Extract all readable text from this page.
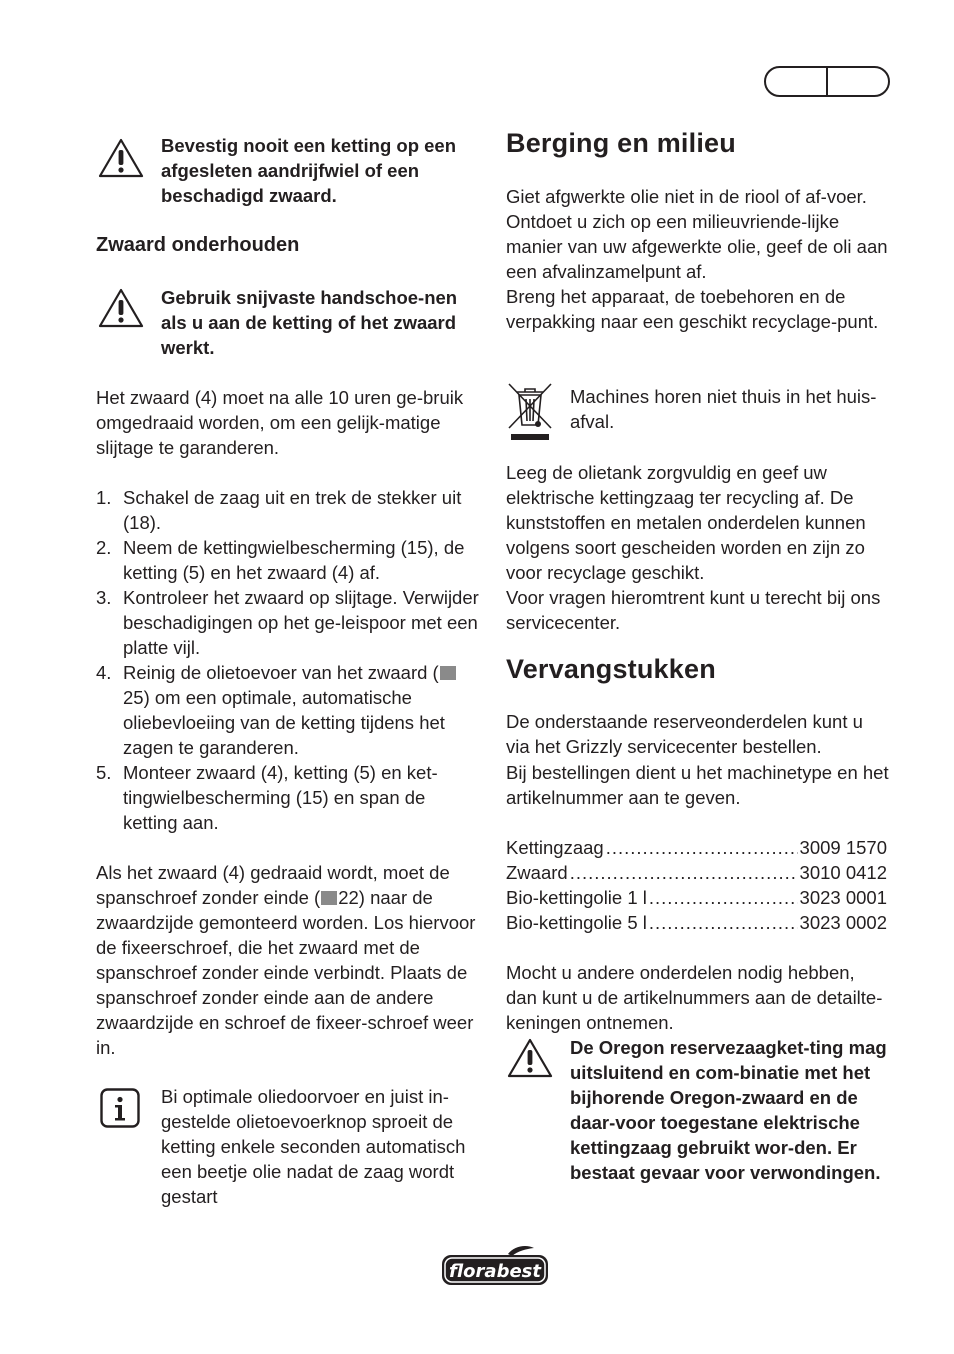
Bevestig nooit een ketting op een afgesleten aandrijfwiel of een beschadigd zwaard.

Zwaard onderhouden

Gebruik snijvaste handschoe-nen als u aan de ketting of het zwaard werkt.

Het zwaard (4) moet na alle 10 uren ge-bruik omgedraaid worden, om een gelijk-matige slijtage te garanderen.

1. Schakel de zaag uit en trek de stekker uit (18).
2. Neem de kettingwielbescherming (15), de ketting (5) en het zwaard (4) af.
3. Kontroleer het zwaard op slijtage. Verwijder beschadigingen op het ge-leispoor met een platte vijl.
4. Reinig de olietoevoer van het zwaard (25) om een optimale, automatische oliebevloeiing van de ketting tijdens het zagen te garanderen.
5. Monteer zwaard (4), ketting (5) en ket-tingwielbescherming (15) en span de ketting aan.

Als het zwaard (4) gedraaid wordt, moet de spanschroef zonder einde ( 22) naar de zwaardzijde gemonteerd worden. Los hiervoor de fixeerschroef, die het zwaard met de spanschroef zonder einde verbindt. Plaats de spanschroef zonder einde aan de andere zwaardzijde en schroef de fixeer-schroef weer in.

Bi optimale oliedoorvoer en juist in-gestelde olietoevoerknop sproeit de ketting enkele seconden automatisch een beetje olie nadat de zaag wordt gestart

Berging en milieu

Giet afgwerkte olie niet in de riool of af-voer. Ontdoet u zich op een milieuvriende-lijke manier van uw afgewerkte olie, geef de oli aan een afvalinzamelpunt af.

Breng het apparaat, de toebehoren en de verpakking naar een geschikt recyclage-punt.

Machines horen niet thuis in het huis-afval.

Leeg de olietank zorgvuldig en geef uw elektrische kettingzaag ter recycling af. De kunststoffen en metalen onderdelen kunnen volgens soort gescheiden worden en zijn zo voor recyclage geschikt.

Voor vragen hieromtrent kunt u terecht bij ons servicecenter.

Vervangstukken

De onderstaande reserveonderdelen kunt u via het Grizzly servicecenter bestellen.

Bij bestellingen dient u het machinetype en het artikelnummer aan te geven.

Kettingzaag .....	3009 1570
Zwaard .....	3010 0412
Bio-kettingolie 1 l .....	3023 0001
Bio-kettingolie 5 l .....	3023 0002

Mocht u andere onderdelen nodig hebben, dan kunt u de artikelnummers aan de detailte-keningen ontnemen.

De Oregon reservezaagket-ting mag uitsluitend en com-binatie met het bijhorende Oregon-zwaard en de daar-voor toegestane elektrische kettingzaag gebruikt wor-den. Er bestaat gevaar voor verwondingen.

florabest
